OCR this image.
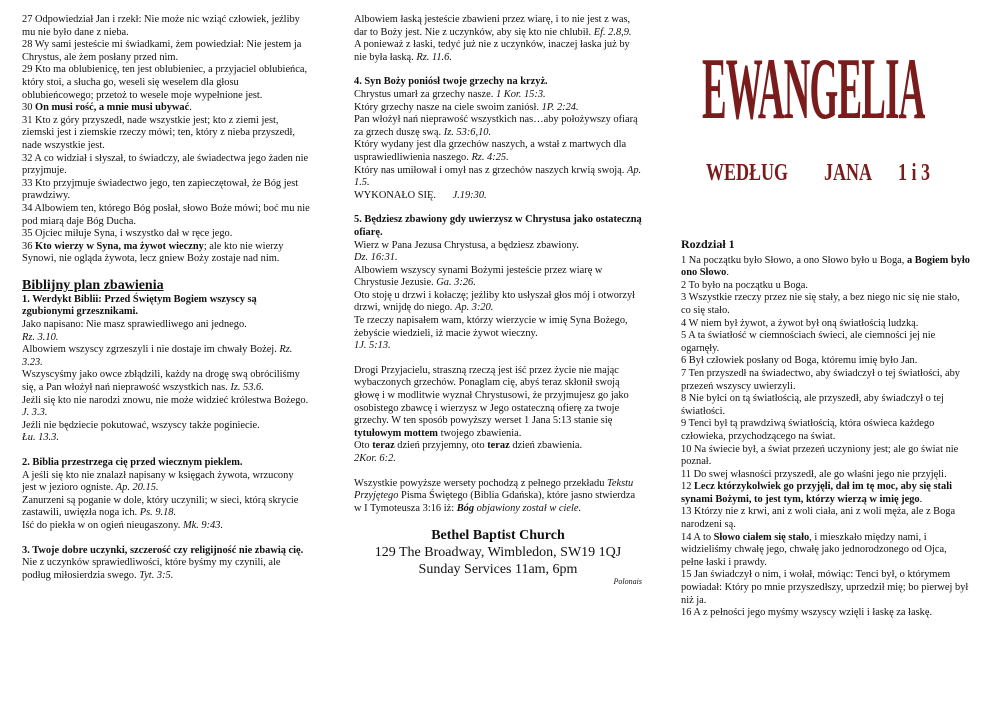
27 Odpowiedział Jan i rzekł: Nie może nic wziąć człowiek, jeźliby mu nie było dane z nieba.

28 Wy sami jesteście mi świadkami, żem powiedział: Nie jestem ja Chrystus, ale żem posłany przed nim.

29 Kto ma oblubienicę, ten jest oblubieniec, a przyjaciel oblubieńca, który stoi, a słucha go, weseli się weselem dla głosu oblubieńcowego; przetoż to wesele moje wypełnione jest.

30 On musi rość, a mnie musi ubywać.

31 Kto z góry przyszedł, nade wszystkie jest; kto z ziemi jest, ziemski jest i ziemskie rzeczy mówi; ten, który z nieba przyszedł, nade wszystkie jest.

32 A co widział i słyszał, to świadczy, ale świadectwa jego żaden nie przyjmuje.

33 Kto przyjmuje świadectwo jego, ten zapieczętował, że Bóg jest prawdziwy.

34 Albowiem ten, którego Bóg posłał, słowo Boże mówi; boć mu nie pod miarą daje Bóg Ducha.

35 Ojciec miłuje Syna, i wszystko dał w ręce jego.

36 Kto wierzy w Syna, ma żywot wieczny; ale kto nie wierzy Synowi, nie ogląda żywota, lecz gniew Boży zostaje nad nim.

Biblijny plan zbawienia

1. Werdykt Biblii: Przed Świętym Bogiem wszyscy są zgubionymi grzesznikami.

Jako napisano: Nie masz sprawiedliwego ani jednego.
Rz. 3.10.

Albowiem wszyscy zgrzeszyli i nie dostaje im chwały Bożej. Rz. 3.23.

Wszyscyśmy jako owce zbłądzili, każdy na drogę swą obróciliśmy się, a Pan włożył nań nieprawość wszystkich nas. Iz. 53.6.

Jeźli się kto nie narodzi znowu, nie może widzieć królestwa Bożego. J. 3.3.

Jeźli nie będziecie pokutować, wszyscy także poginiecie.
Łu. 13.3.

2. Biblia przestrzega cię przed wiecznym pieklem.

A jeśli się kto nie znalazł napisany w księgach żywota, wrzucony jest w jezioro ogniste. Ap. 20.15.

Zanurzeni są poganie w dole, który uczynili; w sieci, którą skrycie zastawili, uwięzła noga ich. Ps. 9.18.

Iść do piekła w on ogień nieugaszony. Mk. 9:43.

3. Twoje dobre uczynki, szczerość czy religijność nie zbawią cię.

Nie z uczynków sprawiedliwości, które byśmy my czynili, ale podług miłosierdzia swego. Tyt. 3:5.

Albowiem łaską jesteście zbawieni przez wiarę, i to nie jest z was, dar to Boży jest. Nie z uczynków, aby się kto nie chlubił. Ef. 2.8,9.

A ponieważ z łaski, tedyć już nie z uczynków, inaczej łaska już by nie była łaską. Rz. 11.6.

4. Syn Boży poniósł twoje grzechy na krzyż.

Chrystus umarł za grzechy nasze. 1 Kor. 15:3.

Który grzechy nasze na ciele swoim zaniósł. 1P. 2:24.

Pan włożył nań nieprawość wszystkich nas…aby położywszy ofiarą za grzech duszę swą. Iz. 53:6,10.

Który wydany jest dla grzechów naszych, a wstał z martwych dla usprawiedliwienia naszego. Rz. 4:25.

Który nas umiłował i omył nas z grzechów naszych krwią swoją. Ap. 1.5.

WYKONAŁO SIĘ. J.19:30.

5. Będziesz zbawiony gdy uwierzysz w Chrystusa jako ostateczną ofiarę.

Wierz w Pana Jezusa Chrystusa, a będziesz zbawiony.
Dz. 16:31.

Albowiem wszyscy synami Bożymi jesteście przez wiarę w Chrystusie Jezusie. Ga. 3:26.

Oto stoję u drzwi i kołaczę; jeźliby kto usłyszał głos mój i otworzył drzwi, wnijdę do niego. Ap. 3:20.

Te rzeczy napisałem wam, którzy wierzycie w imię Syna Bożego, żebyście wiedzieli, iż macie żywot wieczny.
1J. 5:13.

Drogi Przyjacielu, straszną rzeczą jest iść przez życie nie mając wybaczonych grzechów. Ponaglam cię, abyś teraz skłonił swoją głowę i w modlitwie wyznał Chrystusowi, że przyjmujesz go jako osobistego zbawcę i wierzysz w Jego ostateczną ofierę za twoje grzechy. W ten sposób powyższy werset 1 Jana 5:13 stanie się tytułowym mottem twojego zbawienia.

Oto teraz dzień przyjemny, oto teraz dzień zbawienia.
2Kor. 6:2.

Wszystkie powyższe wersety pochodzą z pełnego przekładu Tekstu Przyjętego Pisma Świętego (Biblia Gdańska), które jasno stwierdza w I Tymoteusza 3:16 iż: Bóg objawiony został w ciele.

Bethel Baptist Church
129 The Broadway, Wimbledon, SW19 1QJ
Sunday Services 11am, 6pm
Polonais
EWANGELIA
WEDŁUG JANA 1 i 3

Rozdział 1

1 Na początku było Słowo, a ono Słowo było u Boga, a Bogiem było ono Słowo.

2 To było na początku u Boga.

3 Wszystkie rzeczy przez nie się stały, a bez niego nic się nie stało, co się stało.

4 W niem był żywot, a żywot był oną światłością ludzką.

5 A ta światłość w ciemnościach świeci, ale ciemności jej nie ogarnęły.

6 Był człowiek posłany od Boga, któremu imię było Jan.

7 Ten przyszedł na świadectwo, aby świadczył o tej światłości, aby przezeń wszyscy uwierzyli.

8 Nie byłci on tą światłością, ale przyszedł, aby świadczył o tej światłości.

9 Tenci był tą prawdziwą światłością, która oświeca każdego człowieka, przychodzącego na świat.

10 Na świecie był, a świat przezeń uczyniony jest; ale go świat nie poznał.

11 Do swej własności przyszedł, ale go właśni jego nie przyjęli.

12 Lecz którzykolwiek go przyjęli, dał im tę moc, aby się stali synami Bożymi, to jest tym, którzy wierzą w imię jego.

13 Którzy nie z krwi, ani z woli ciała, ani z woli męża, ale z Boga narodzeni są.

14 A to Słowo ciałem się stało, i mieszkało między nami, i widzieliśmy chwałę jego, chwałę jako jednorodzonego od Ojca, pełne łaski i prawdy.

15 Jan świadczył o nim, i wołał, mówiąc: Tenci był, o którymem powiadał: Który po mnie przyszedłszy, uprzedził mię; bo pierwej był niż ja.

16 A z pełności jego myśmy wszyscy wzięli i łaskę za łaskę.
